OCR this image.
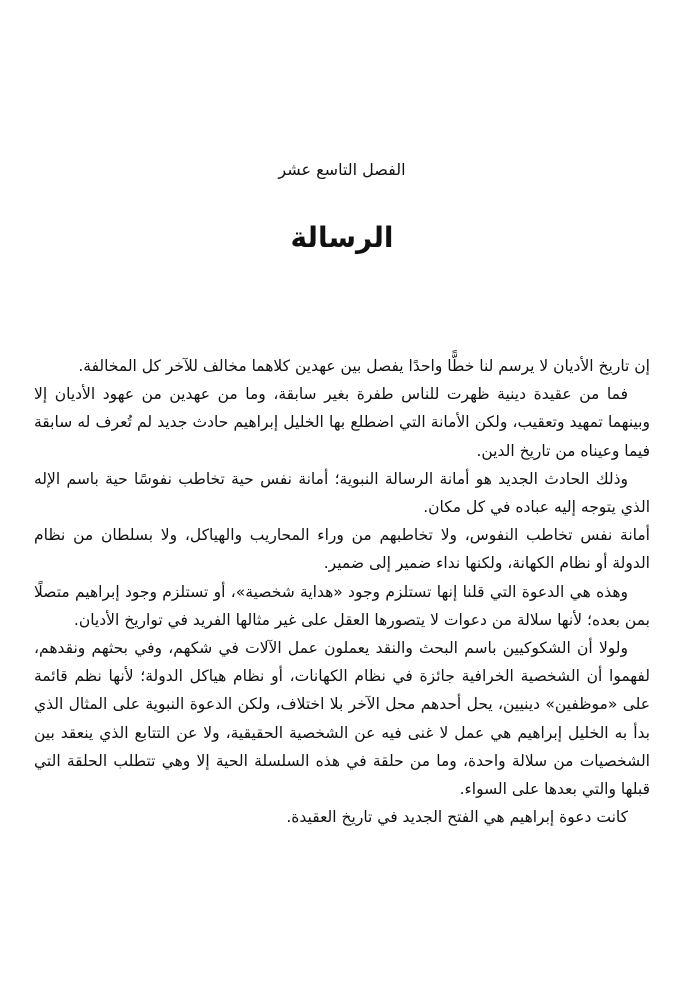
الفصل التاسع عشر
الرسالة

إن تاريخ الأديان لا يرسم لنا خطًّا واحدًا يفصل بين عهدين كلاهما مخالف للآخر كل المخالفة.

فما من عقيدة دينية ظهرت للناس طفرة بغير سابقة، وما من عهدين من عهود الأديان إلا وبينهما تمهيد وتعقيب، ولكن الأمانة التي اضطلع بها الخليل إبراهيم حادث جديد لم تُعرف له سابقة فيما وعيناه من تاريخ الدين.

وذلك الحادث الجديد هو أمانة الرسالة النبوية؛ أمانة نفس حية تخاطب نفوسًا حية باسم الإله الذي يتوجه إليه عباده في كل مكان.

أمانة نفس تخاطب النفوس، ولا تخاطبهم من وراء المحاريب والهياكل، ولا بسلطان من نظام الدولة أو نظام الكهانة، ولكنها نداء ضمير إلى ضمير.

وهذه هي الدعوة التي قلنا إنها تستلزم وجود «هداية شخصية»، أو تستلزم وجود إبراهيم متصلًا بمن بعده؛ لأنها سلالة من دعوات لا يتصورها العقل على غير مثالها الفريد في تواريخ الأديان.

ولولا أن الشكوكيين باسم البحث والنقد يعملون عمل الآلات في شكهم، وفي بحثهم ونقدهم، لفهموا أن الشخصية الخرافية جائزة في نظام الكهانات، أو نظام هياكل الدولة؛ لأنها نظم قائمة على «موظفين» دينيين، يحل أحدهم محل الآخر بلا اختلاف، ولكن الدعوة النبوية على المثال الذي بدأ به الخليل إبراهيم هي عمل لا غنى فيه عن الشخصية الحقيقية، ولا عن التتابع الذي ينعقد بين الشخصيات من سلالة واحدة، وما من حلقة في هذه السلسلة الحية إلا وهي تتطلب الحلقة التي قبلها والتي بعدها على السواء.

كانت دعوة إبراهيم هي الفتح الجديد في تاريخ العقيدة.
